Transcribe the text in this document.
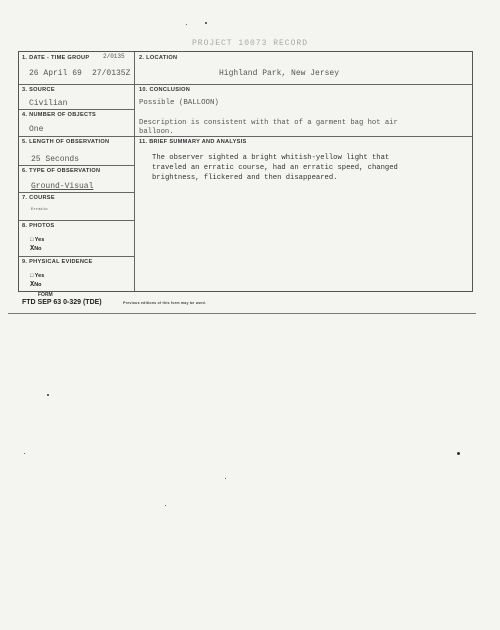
PROJECT 10073 RECORD
1. DATE - TIME GROUP 2/0135
26 April 69 27/0135Z
2. LOCATION
Highland Park, New Jersey
3. SOURCE
Civilian
4. NUMBER OF OBJECTS
One
5. LENGTH OF OBSERVATION
25 Seconds
6. TYPE OF OBSERVATION
Ground-Visual
7. COURSE
Erratic
8. PHOTOS
□ Yes
XNo
9. PHYSICAL EVIDENCE
□ Yes
XNo
10. CONCLUSION
Possible (BALLOON)
Description is consistent with that of a garment bag hot air
balloon.
11. BRIEF SUMMARY AND ANALYSIS
The observer sighted a bright whitish-yellow light that
traveled an erratic course, had an erratic speed, changed
brightness, flickered and then disappeared.
FORM
FTD SEP 63 0-329 (TDE)	Previous editions of this form may be used.
